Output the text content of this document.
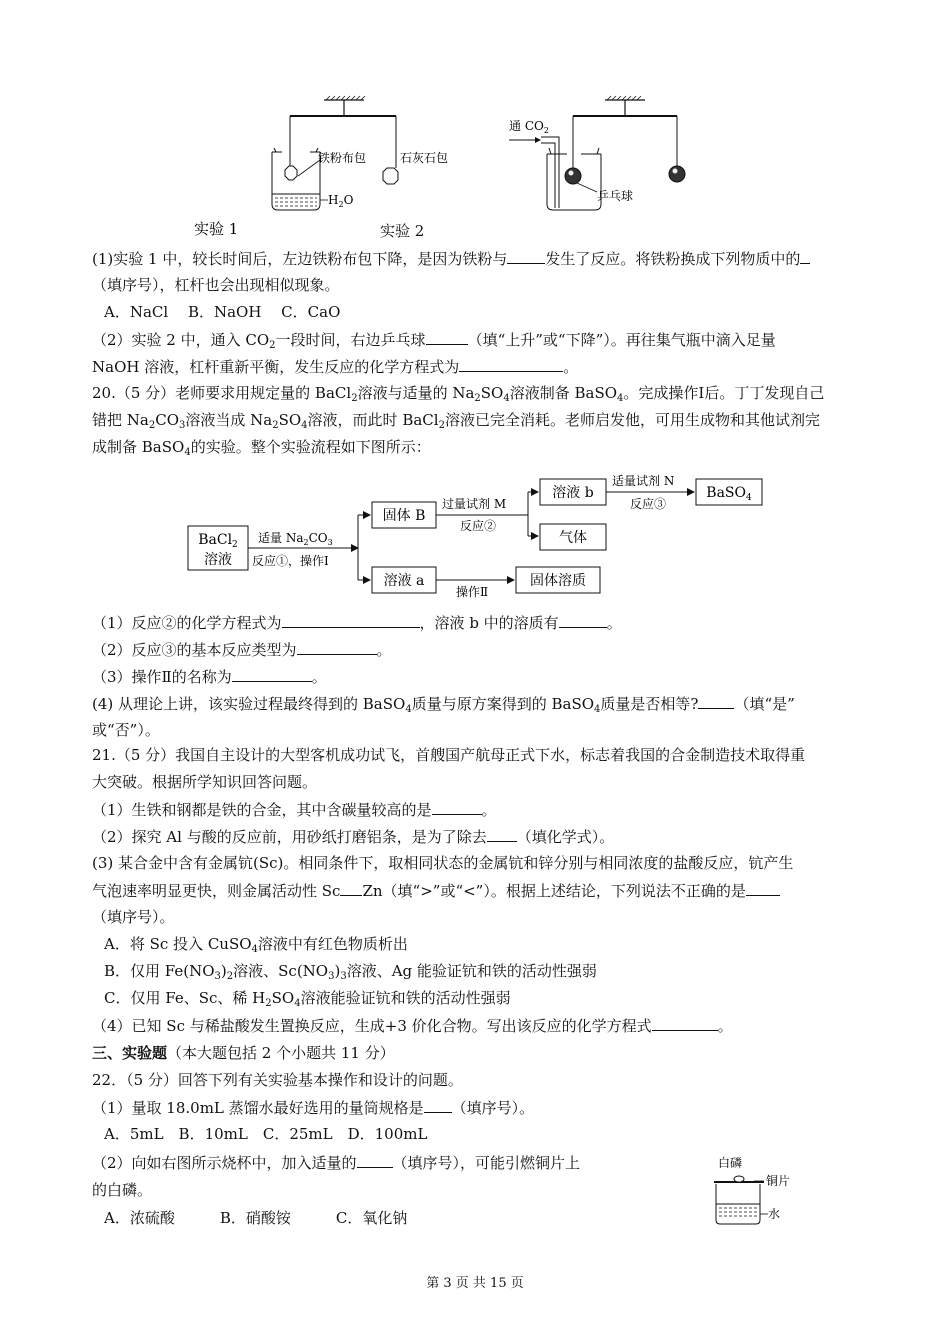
铁粉布包	石灰石包
$H_2O$
实验 1	实验 2
通 $CO_2$
乒乓球
(1)实验 1 中，较长时间后，左边铁粉布包下降，是因为铁粉与	发生了反应。将铁粉换成下列物质中的
（填序号），杠杆也会出现相似现象。
A．NaCl　 B．NaOH　 C．CaO
（2）实验 2 中，通入 $CO_2$一段时间，右边乒乓球	（填“上升”或“下降”）。再往集气瓶中滴入足量
NaOH 溶液，杠杆重新平衡，发生反应的化学方程式为	。
20.（5 分）老师要求用规定量的 BaCl$_2$溶液与适量的 $Na_2SO_4$溶液制备 BaSO$_4$。完成操作Ⅰ后。丁丁发现自己
错把 $Na_2CO_3$溶液当成 $Na_2SO_4$溶液，而此时 BaCl$_2$溶液已完全消耗。老师启发他，可用生成物和其他试剂完
成制备 BaSO$_4$的实验。整个实验流程如下图所示：
BaCl$_2$
溶液
适量 $Na_2CO_3$
反应①，操作Ⅰ
固体 B
过量试剂 M
反应②
溶液 b
气体
适量试剂 N
反应③
BaSO$_4$
溶液 a
操作Ⅱ
固体溶质
（1）反应②的化学方程式为	，溶液 b 中的溶质有	。
（2）反应③的基本反应类型为	。
（3）操作Ⅱ的名称为	。
(4) 从理论上讲，该实验过程最终得到的 BaSO$_4$质量与原方案得到的 BaSO$_4$质量是否相等? （填“是”
或“否”）。
21.（5 分）我国自主设计的大型客机成功试飞，首艘国产航母正式下水，标志着我国的合金制造技术取得重
大突破。根据所学知识回答问题。
（1）生铁和钢都是铁的合金，其中含碳量较高的是	。
（2）探究 Al 与酸的反应前，用砂纸打磨铝条，是为了除去 （填化学式）。
(3) 某合金中含有金属钪(Sc)。相同条件下，取相同状态的金属钪和锌分别与相同浓度的盐酸反应，钪产生
气泡速率明显更快，则金属活动性 Sc Zn（填“>”或“<”）。根据上述结论，下列说法不正确的是
（填序号）。
A．将 Sc 投入 CuSO$_4$溶液中有红色物质析出
B．仅用 $Fe(NO_3)_2$溶液、$Sc(NO_3)_3$溶液、Ag 能验证钪和铁的活动性强弱
C．仅用 Fe、Sc、稀 $H_2SO_4$溶液能验证钪和铁的活动性强弱
（4）已知 Sc 与稀盐酸发生置换反应，生成+3 价化合物。写出该反应的化学方程式	。
三、实验题（本大题包括 2 个小题共 11 分）
22．（5 分）回答下列有关实验基本操作和设计的问题。
（1）量取 18.0mL 蒸馏水最好选用的量筒规格是 （填序号）。
A．5mL　B．10mL　C．25mL　D．100mL
（2）向如右图所示烧杯中，加入适量的 （填序号），可能引燃铜片上
的白磷。
A．浓硫酸　　　B．硝酸铵　　　C．氧化钠
白磷
铜片
水
第 3 页 共 15 页
